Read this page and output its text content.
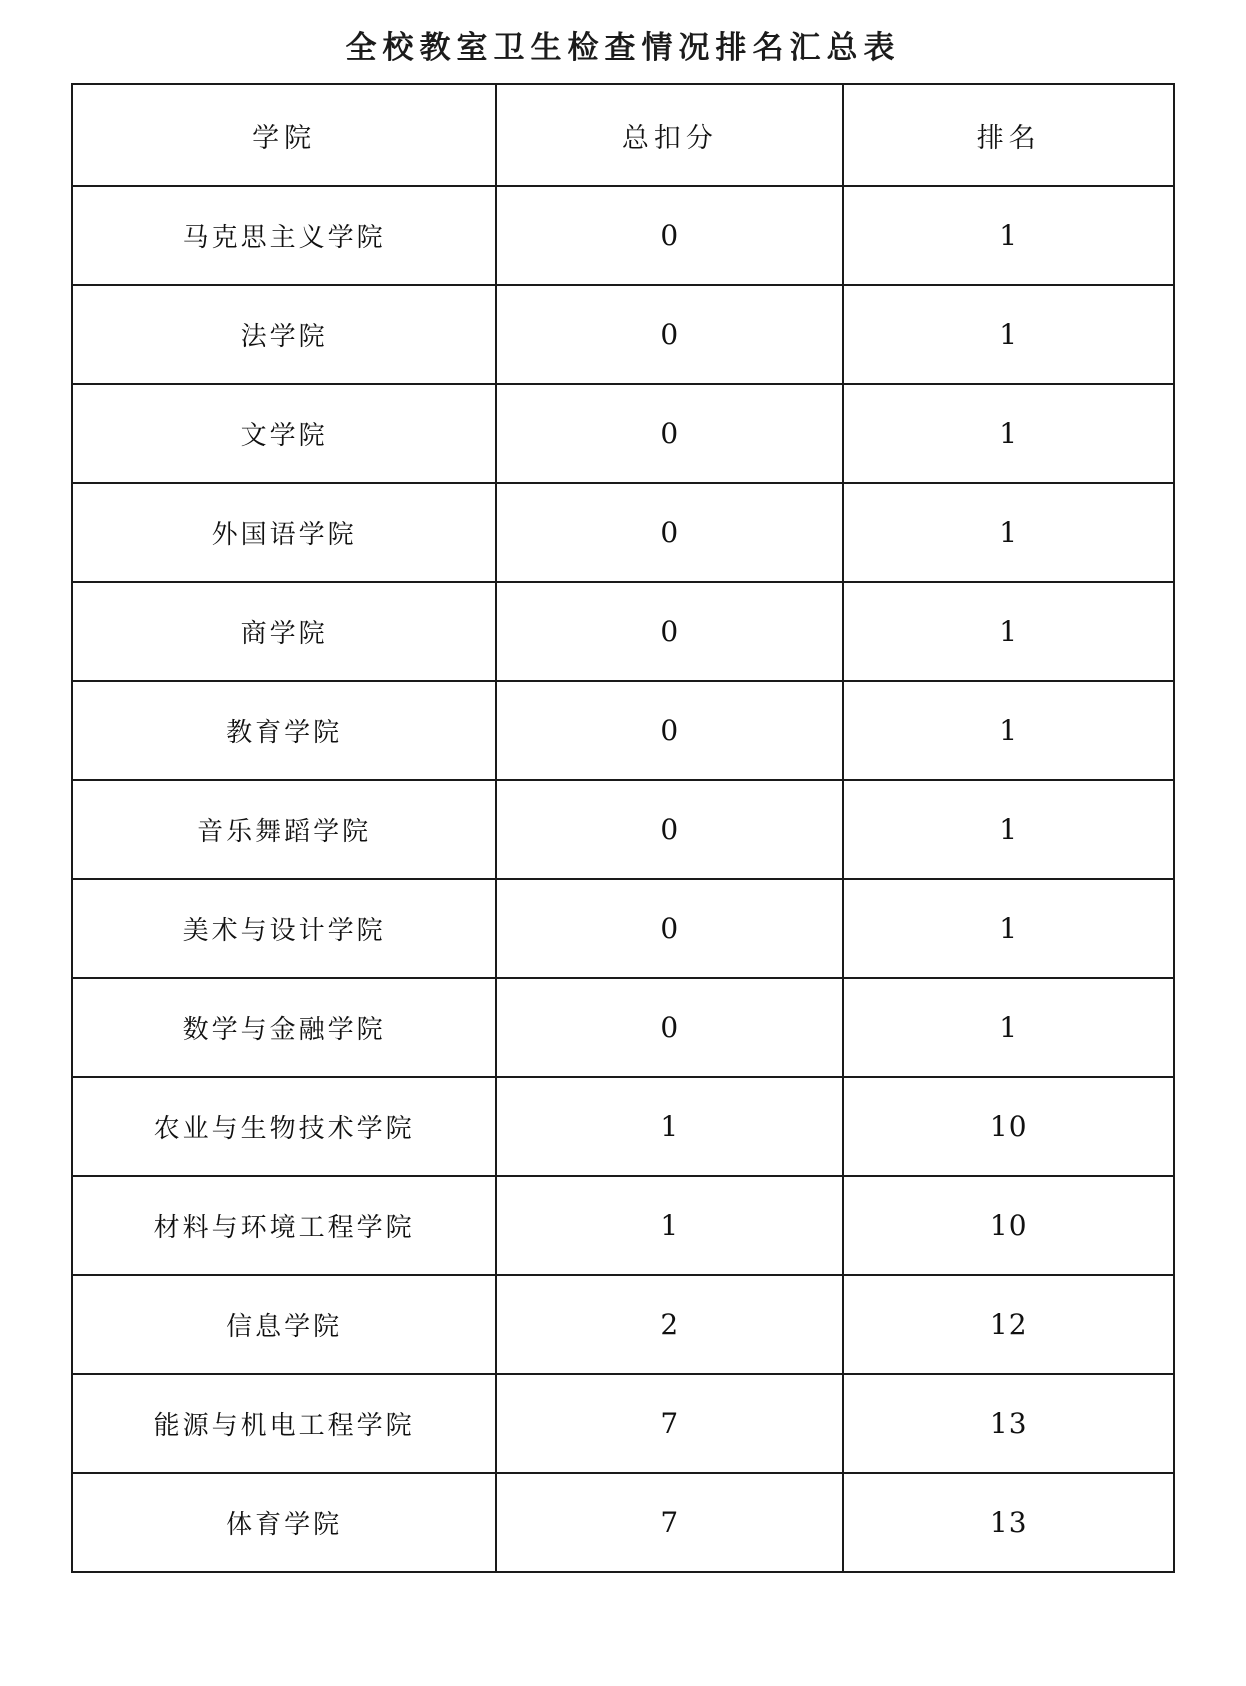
全校教室卫生检查情况排名汇总表
学院	总扣分	排名
马克思主义学院	0	1
法学院	0	1
文学院	0	1
外国语学院	0	1
商学院	0	1
教育学院	0	1
音乐舞蹈学院	0	1
美术与设计学院	0	1
数学与金融学院	0	1
农业与生物技术学院	1	10
材料与环境工程学院	1	10
信息学院	2	12
能源与机电工程学院	7	13
体育学院	7	13
